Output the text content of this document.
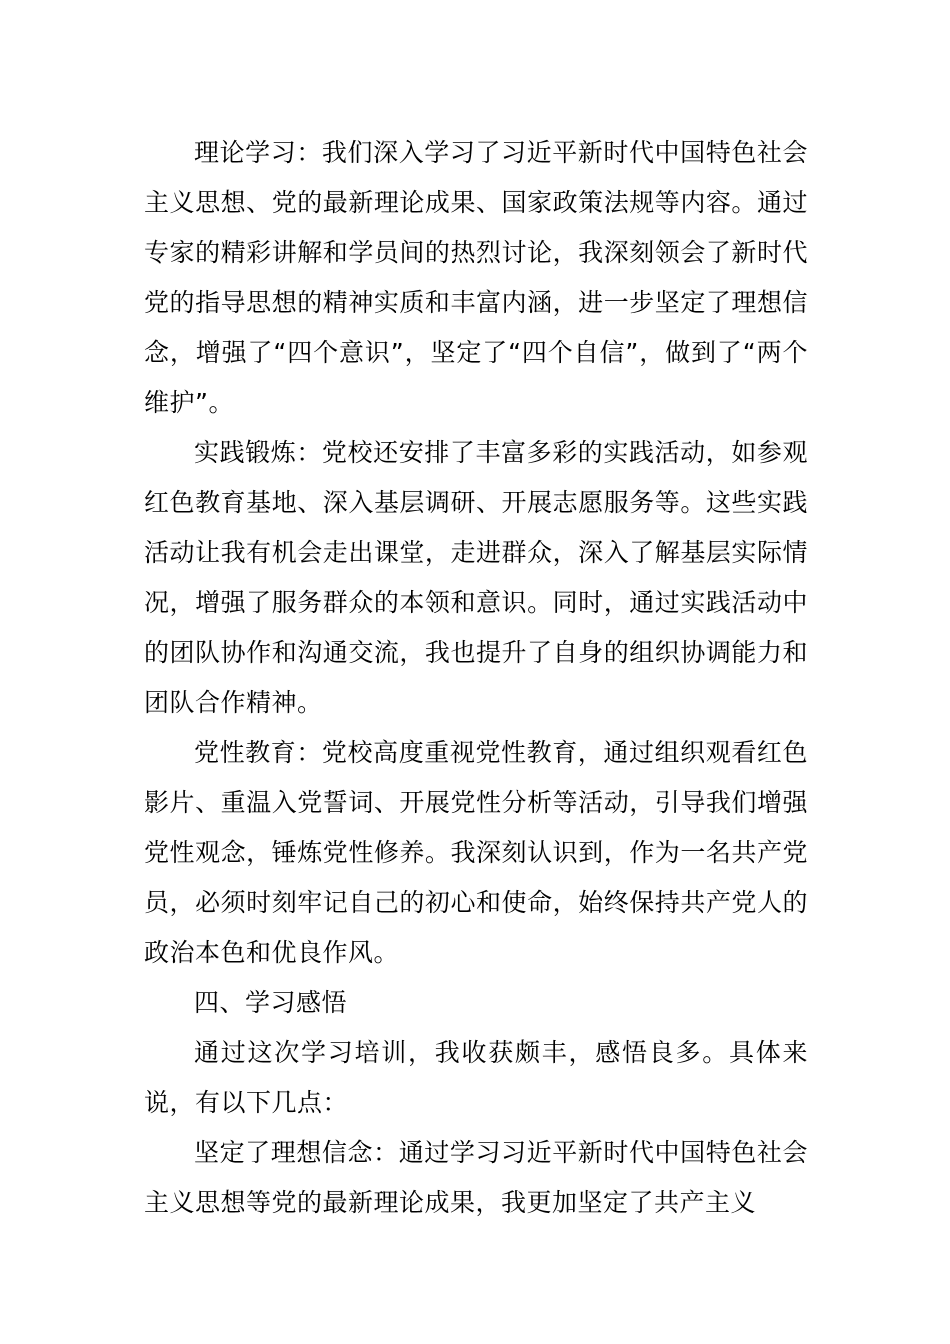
理论学习：我们深入学习了习近平新时代中国特色社会主义思想、党的最新理论成果、国家政策法规等内容。通过专家的精彩讲解和学员间的热烈讨论，我深刻领会了新时代党的指导思想的精神实质和丰富内涵，进一步坚定了理想信念，增强了“四个意识”，坚定了“四个自信”，做到了“两个维护”。

实践锻炼：党校还安排了丰富多彩的实践活动，如参观红色教育基地、深入基层调研、开展志愿服务等。这些实践活动让我有机会走出课堂，走进群众，深入了解基层实际情况，增强了服务群众的本领和意识。同时，通过实践活动中的团队协作和沟通交流，我也提升了自身的组织协调能力和团队合作精神。

党性教育：党校高度重视党性教育，通过组织观看红色影片、重温入党誓词、开展党性分析等活动，引导我们增强党性观念，锤炼党性修养。我深刻认识到，作为一名共产党员，必须时刻牢记自己的初心和使命，始终保持共产党人的政治本色和优良作风。

四、学习感悟

通过这次学习培训，我收获颇丰，感悟良多。具体来说，有以下几点：

坚定了理想信念：通过学习习近平新时代中国特色社会主义思想等党的最新理论成果，我更加坚定了共产主义
